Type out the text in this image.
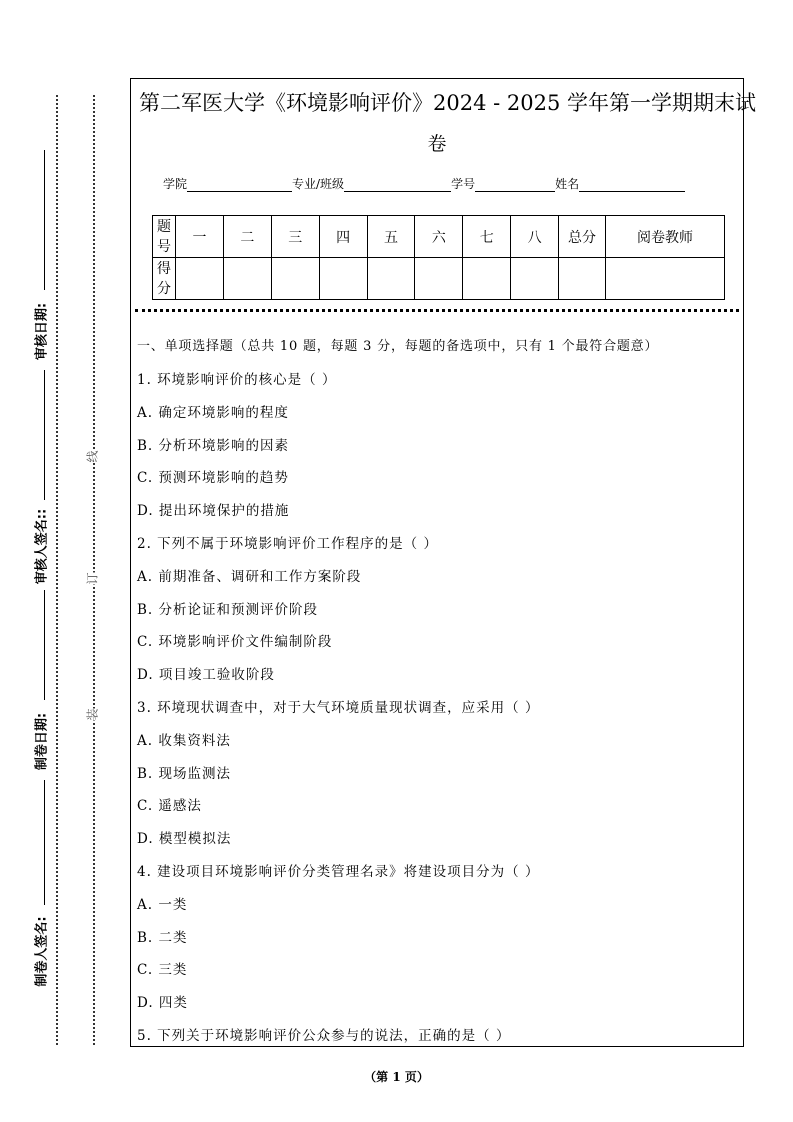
审核日期:
审核人签名::
制卷日期:
制卷人签名:
线
订
装
第二军医大学《环境影响评价》2024 - 2025 学年第一学期期末试
卷
学院	专业/班级	学号	姓名
题号	一	二	三	四	五	六	七	八	总分	阅卷教师
得分										
一、单项选择题（总共 10 题，每题 3 分，每题的备选项中，只有 1 个最符合题意）
1. 环境影响评价的核心是（ ）
A. 确定环境影响的程度
B. 分析环境影响的因素
C. 预测环境影响的趋势
D. 提出环境保护的措施
2. 下列不属于环境影响评价工作程序的是（ ）
A. 前期准备、调研和工作方案阶段
B. 分析论证和预测评价阶段
C. 环境影响评价文件编制阶段
D. 项目竣工验收阶段
3. 环境现状调查中，对于大气环境质量现状调查，应采用（ ）
A. 收集资料法
B. 现场监测法
C. 遥感法
D. 模型模拟法
4. 建设项目环境影响评价分类管理名录》将建设项目分为（ ）
A. 一类
B. 二类
C. 三类
D. 四类
5. 下列关于环境影响评价公众参与的说法，正确的是（ ）
（第 1 页）
